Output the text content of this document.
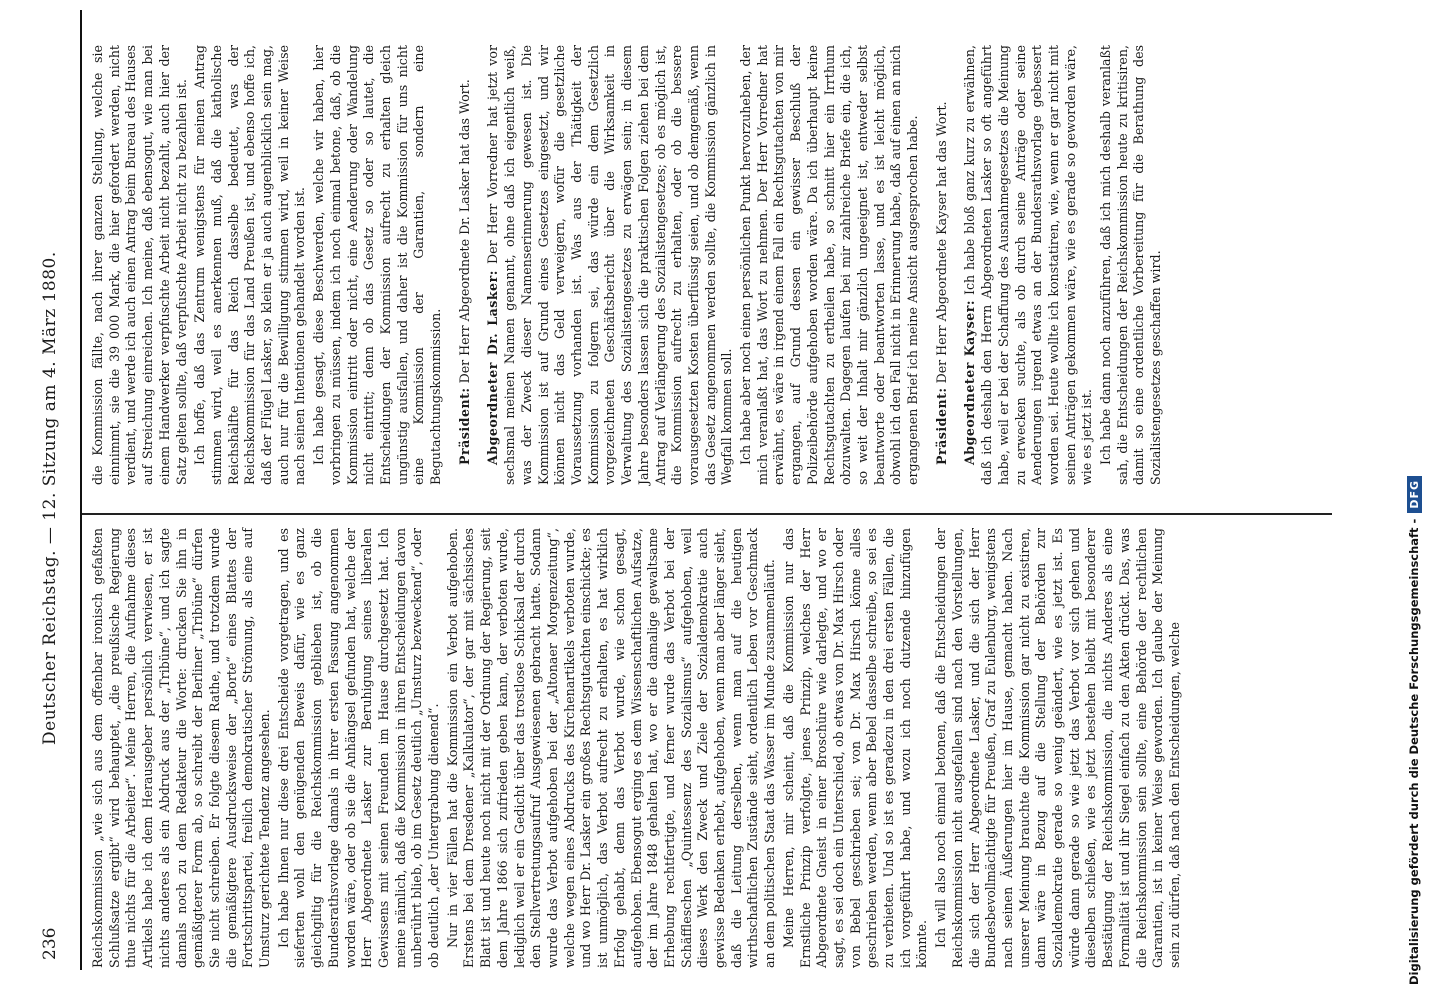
236
Deutscher Reichstag. — 12. Sitzung am 4. März 1880.

Reichskommission „wie sich aus dem offenbar ironisch gefaßten Schlußsatze ergibt“ wird behauptet, „die preußische Regierung thue nichts für die Arbeiter“. Meine Herren, die Aufnahme dieses Artikels habe ich dem Herausgeber persönlich verwiesen, er ist nichts anderes als ein Abdruck aus der „Tribüne“, und ich sagte damals noch zu dem Redakteur die Worte: drucken Sie ihn in gemäßigterer Form ab, so schreibt der Berliner „Tribüne“ dürfen Sie nicht schreiben. Er folgte diesem Rathe, und trotzdem wurde die gemäßigtere Ausdrucksweise der „Borte“ eines Blattes der Fortschrittspartei, freilich demokratischer Strömung, als eine auf Umsturz gerichtete Tendenz angesehen. Ich habe Ihnen nur diese drei Entscheide vorgetragen, und es sieferten wohl den genügenden Beweis dafür, wie es ganz gleichgiltig für die Reichskommission geblieben ist, ob die Bundesrathsvorlage damals in ihrer ersten Fassung angenommen worden wäre, oder ob sie die Anhängsel gefunden hat, welche der Herr Abgeordnete Lasker zur Beruhigung seines liberalen Gewissens mit seinen Freunden im Hause durchgesetzt hat. Ich meine nämlich, daß die Kommission in ihren Entscheidungen davon unberührt blieb, ob im Gesetz deutlich „Umsturz bezweckend“, oder ob deutlich „der Untergrabung dienend“. Nur in vier Fällen hat die Kommission ein Verbot aufgehoben. Erstens bei dem Dresdener „Kalkulator“, der gar mit sächsisches Blatt ist und heute noch nicht mit der Ordnung der Regierung, seit dem Jahre 1866 sich zufrieden geben kann, der verboten wurde, lediglich weil er ein Gedicht über das trostlose Schicksal der durch den Stellvertretungsaufruf Ausgewiesenen gebracht hatte. Sodann wurde das Verbot aufgehoben bei der „Altonaer Morgenzeitung“, welche wegen eines Abdrucks des Kirchenartikels verboten wurde, und wo Herr Dr. Lasker ein großes Rechtsgutachten einschickte; es ist unmöglich, das Verbot aufrecht zu erhalten, es hat wirklich Erfolg gehabt, denn das Verbot wurde, wie schon gesagt, aufgehoben. Ebensogut erging es dem Wissenschaftlichen Aufsatze, der im Jahre 1848 gehalten hat, wo er die damalige gewaltsame Erhebung rechtfertigte, und ferner wurde das Verbot bei der Schäffleschen „Quintessenz des Sozialismus“ aufgehoben, weil dieses Werk den Zweck und Ziele der Sozialdemokratie auch gewisse Bedenken erhebt, aufgehoben, wenn man aber länger sieht, daß die Leitung derselben, wenn man auf die heutigen wirthschaftlichen Zustände sieht, ordentlich Leben vor Geschmack an dem politischen Staat das Wasser im Munde zusammenläuft. Meine Herren, mir scheint, daß die Kommission nur das Ernstliche Prinzip verfolgte, jenes Prinzip, welches der Herr Abgeordnete Gneist in einer Broschüre wie darlegte, und wo er sagt, es sei doch ein Unterschied, ob etwas von Dr. Max Hirsch oder von Bebel geschrieben sei; von Dr. Max Hirsch könne alles geschrieben werden, wenn aber Bebel dasselbe schreibe, so sei es zu verbieten. Und so ist es geradezu in den drei ersten Fällen, die ich vorgeführt habe, und wozu ich noch dutzende hinzufügen könnte. Ich will also noch einmal betonen, daß die Entscheidungen der Reichskommission nicht ausgefallen sind nach den Vorstellungen, die sich der Herr Abgeordnete Lasker, und die sich der Herr Bundesbevollmächtigte für Preußen, Graf zu Eulenburg, wenigstens nach seinen Äußerungen hier im Hause, gemacht haben. Nach unserer Meinung brauchte die Kommission gar nicht zu existiren, dann wäre in Bezug auf die Stellung der Behörden zur Sozialdemokratie gerade so wenig geändert, wie es jetzt ist. Es würde dann gerade so wie jetzt das Verbot vor sich gehen und dieselben schießen, wie es jetzt bestehen bleibt mit besonderer Bestätigung der Reichskommission, die nichts Anderes als eine Formalität ist und ihr Siegel einfach zu den Akten drückt. Das, was die Reichskommission sein sollte, eine Behörde der rechtlichen Garantien, ist in keiner Weise geworden. Ich glaube der Meinung sein zu dürfen, daß nach den Entscheidungen, welche

die Kommission fällte, nach ihrer ganzen Stellung, welche sie einnimmt, sie die 39 000 Mark, die hier gefordert werden, nicht verdient, und werde ich auch einen Antrag beim Bureau des Hauses auf Streichung einreichen. Ich meine, daß ebensogut, wie man bei einem Handwerker verpfuschte Arbeit nicht bezahlt, auch hier der Satz gelten sollte, daß verpfuschte Arbeit nicht zu bezahlen ist. Ich hoffe, daß das Zentrum wenigstens für meinen Antrag stimmen wird, weil es anerkennen muß, daß die katholische Reichshälfte für das Reich dasselbe bedeutet, was der Reichskommission für das Land Preußen ist, und ebenso hoffe ich, daß der Flügel Lasker, so klein er ja auch augenblicklich sein mag, auch nur für die Bewilligung stimmen wird, weil in keiner Weise nach seinen Intentionen gehandelt worden ist. Ich habe gesagt, diese Beschwerden, welche wir haben, hier vorbringen zu müssen, indem ich noch einmal betone, daß, ob die Kommission eintritt oder nicht, eine Aenderung oder Wandelung nicht eintritt; denn ob das Gesetz so oder so lautet, die Entscheidungen der Kommission aufrecht zu erhalten gleich ungünstig ausfallen, und daher ist die Kommission für uns nicht eine Kommission der Garantien, sondern eine Begutachtungskommission. Präsident: Der Herr Abgeordnete Dr. Lasker hat das Wort. Abgeordneter Dr. Lasker: Der Herr Vorredner hat jetzt vor sechsmal meinen Namen genannt, ohne daß ich eigentlich weiß, was der Zweck dieser Namenserinnerung gewesen ist. Die Kommission ist auf Grund eines Gesetzes eingesetzt, und wir können nicht das Geld verweigern, wofür die gesetzliche Voraussetzung vorhanden ist. Was aus der Thätigkeit der Kommission zu folgern sei, das würde ein dem Gesetzlich vorgezeichneten Geschäftsbericht über die Wirksamkeit in Verwaltung des Sozialistengesetzes zu erwägen sein; in diesem Jahre besonders lassen sich die praktischen Folgen ziehen bei dem Antrag auf Verlängerung des Sozialistengesetzes; ob es möglich ist, die Kommission aufrecht zu erhalten, oder ob die bessere vorausgesetzten Kosten überflüssig seien, und ob demgemäß, wenn das Gesetz angenommen werden sollte, die Kommission gänzlich in Wegfall kommen soll. Ich habe aber noch einen persönlichen Punkt hervorzuheben, der mich veranlaßt hat, das Wort zu nehmen. Der Herr Vorredner hat erwähnt, es wäre in irgend einem Fall ein Rechtsgutachten von mir ergangen, auf Grund dessen ein gewisser Beschluß der Polizeibehörde aufgehoben worden wäre. Da ich überhaupt keine Rechtsgutachten zu ertheilen habe, so schnitt hier ein Irrthum obzuwalten. Dagegen laufen bei mir zahlreiche Briefe ein, die ich, so weit der Inhalt mir gänzlich ungeeignet ist, entweder selbst beantworte oder beantworten lasse, und es ist leicht möglich, obwohl ich den Fall nicht in Erinnerung habe, daß auf einen an mich ergangenen Brief ich meine Ansicht ausgesprochen habe. Präsident: Der Herr Abgeordnete Kayser hat das Wort. Abgeordneter Kayser: Ich habe bloß ganz kurz zu erwähnen, daß ich deshalb den Herrn Abgeordneten Lasker so oft angeführt habe, weil er bei der Schaffung des Ausnahmegesetzes die Meinung zu erwecken suchte, als ob durch seine Anträge oder seine Aenderungen irgend etwas an der Bundesrathsvorlage gebessert worden sei. Heute wollte ich konstatiren, wie, wenn er gar nicht mit seinen Anträgen gekommen wäre, wie es gerade so geworden wäre, wie es jetzt ist. Ich habe dann noch anzuführen, daß ich mich deshalb veranlaßt sah, die Entscheidungen der Reichskommission heute zu kritisiren, damit so eine ordentliche Vorbereitung für die Berathung des Sozialistengesetzes geschaffen wird.

Digitalisierung gefördert durch die Deutsche Forschungsgemeinschaft -
DFG
